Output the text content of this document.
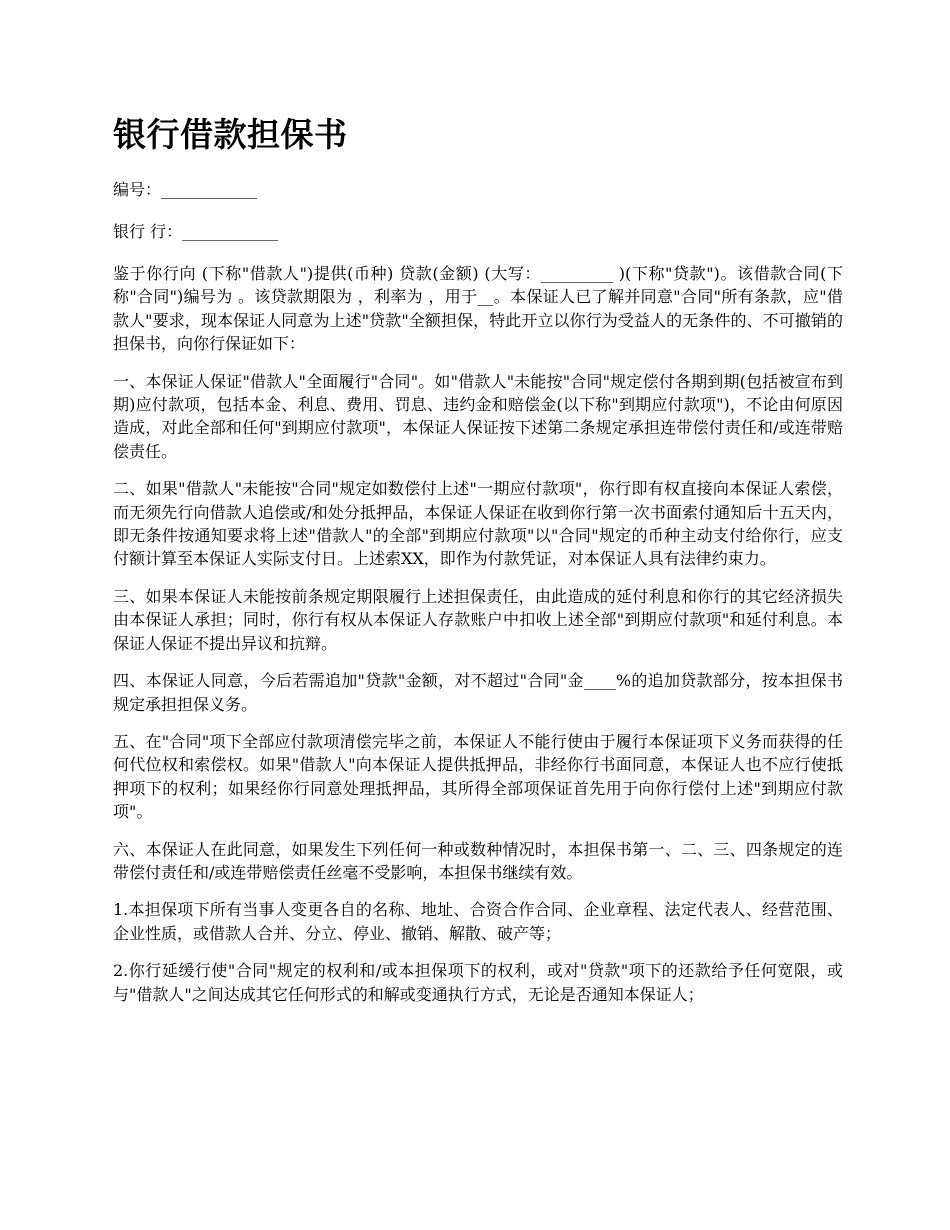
银行借款担保书

编号：____________

银行 行：____________

鉴于你行向 (下称"借款人")提供(币种) 贷款(金额) (大写：_________ )(下称"贷款")。该借款合同(下称"合同")编号为 。该贷款期限为 ，利率为 ，用于__。本保证人已了解并同意"合同"所有条款，应"借款人"要求，现本保证人同意为上述"贷款"全额担保，特此开立以你行为受益人的无条件的、不可撤销的担保书，向你行保证如下：

一、本保证人保证"借款人"全面履行"合同"。如"借款人"未能按"合同"规定偿付各期到期(包括被宣布到期)应付款项，包括本金、利息、费用、罚息、违约金和赔偿金(以下称"到期应付款项")，不论由何原因造成，对此全部和任何"到期应付款项"，本保证人保证按下述第二条规定承担连带偿付责任和/或连带赔偿责任。

二、如果"借款人"未能按"合同"规定如数偿付上述"一期应付款项"，你行即有权直接向本保证人索偿，而无须先行向借款人追偿或/和处分抵押品，本保证人保证在收到你行第一次书面索付通知后十五天内，即无条件按通知要求将上述"借款人"的全部"到期应付款项"以"合同"规定的币种主动支付给你行，应支付额计算至本保证人实际支付日。上述索XX，即作为付款凭证，对本保证人具有法律约束力。

三、如果本保证人未能按前条规定期限履行上述担保责任，由此造成的延付利息和你行的其它经济损失由本保证人承担；同时，你行有权从本保证人存款账户中扣收上述全部"到期应付款项"和延付利息。本保证人保证不提出异议和抗辩。

四、本保证人同意，今后若需追加"贷款"金额，对不超过"合同"金____%的追加贷款部分，按本担保书规定承担担保义务。

五、在"合同"项下全部应付款项清偿完毕之前，本保证人不能行使由于履行本保证项下义务而获得的任何代位权和索偿权。如果"借款人"向本保证人提供抵押品，非经你行书面同意，本保证人也不应行使抵押项下的权利；如果经你行同意处理抵押品，其所得全部项保证首先用于向你行偿付上述"到期应付款项"。

六、本保证人在此同意，如果发生下列任何一种或数种情况时，本担保书第一、二、三、四条规定的连带偿付责任和/或连带赔偿责任丝毫不受影响，本担保书继续有效。

1.本担保项下所有当事人变更各自的名称、地址、合资合作合同、企业章程、法定代表人、经营范围、企业性质，或借款人合并、分立、停业、撤销、解散、破产等；

2.你行延缓行使"合同"规定的权利和/或本担保项下的权利，或对"贷款"项下的还款给予任何宽限，或与"借款人"之间达成其它任何形式的和解或变通执行方式，无论是否通知本保证人；
